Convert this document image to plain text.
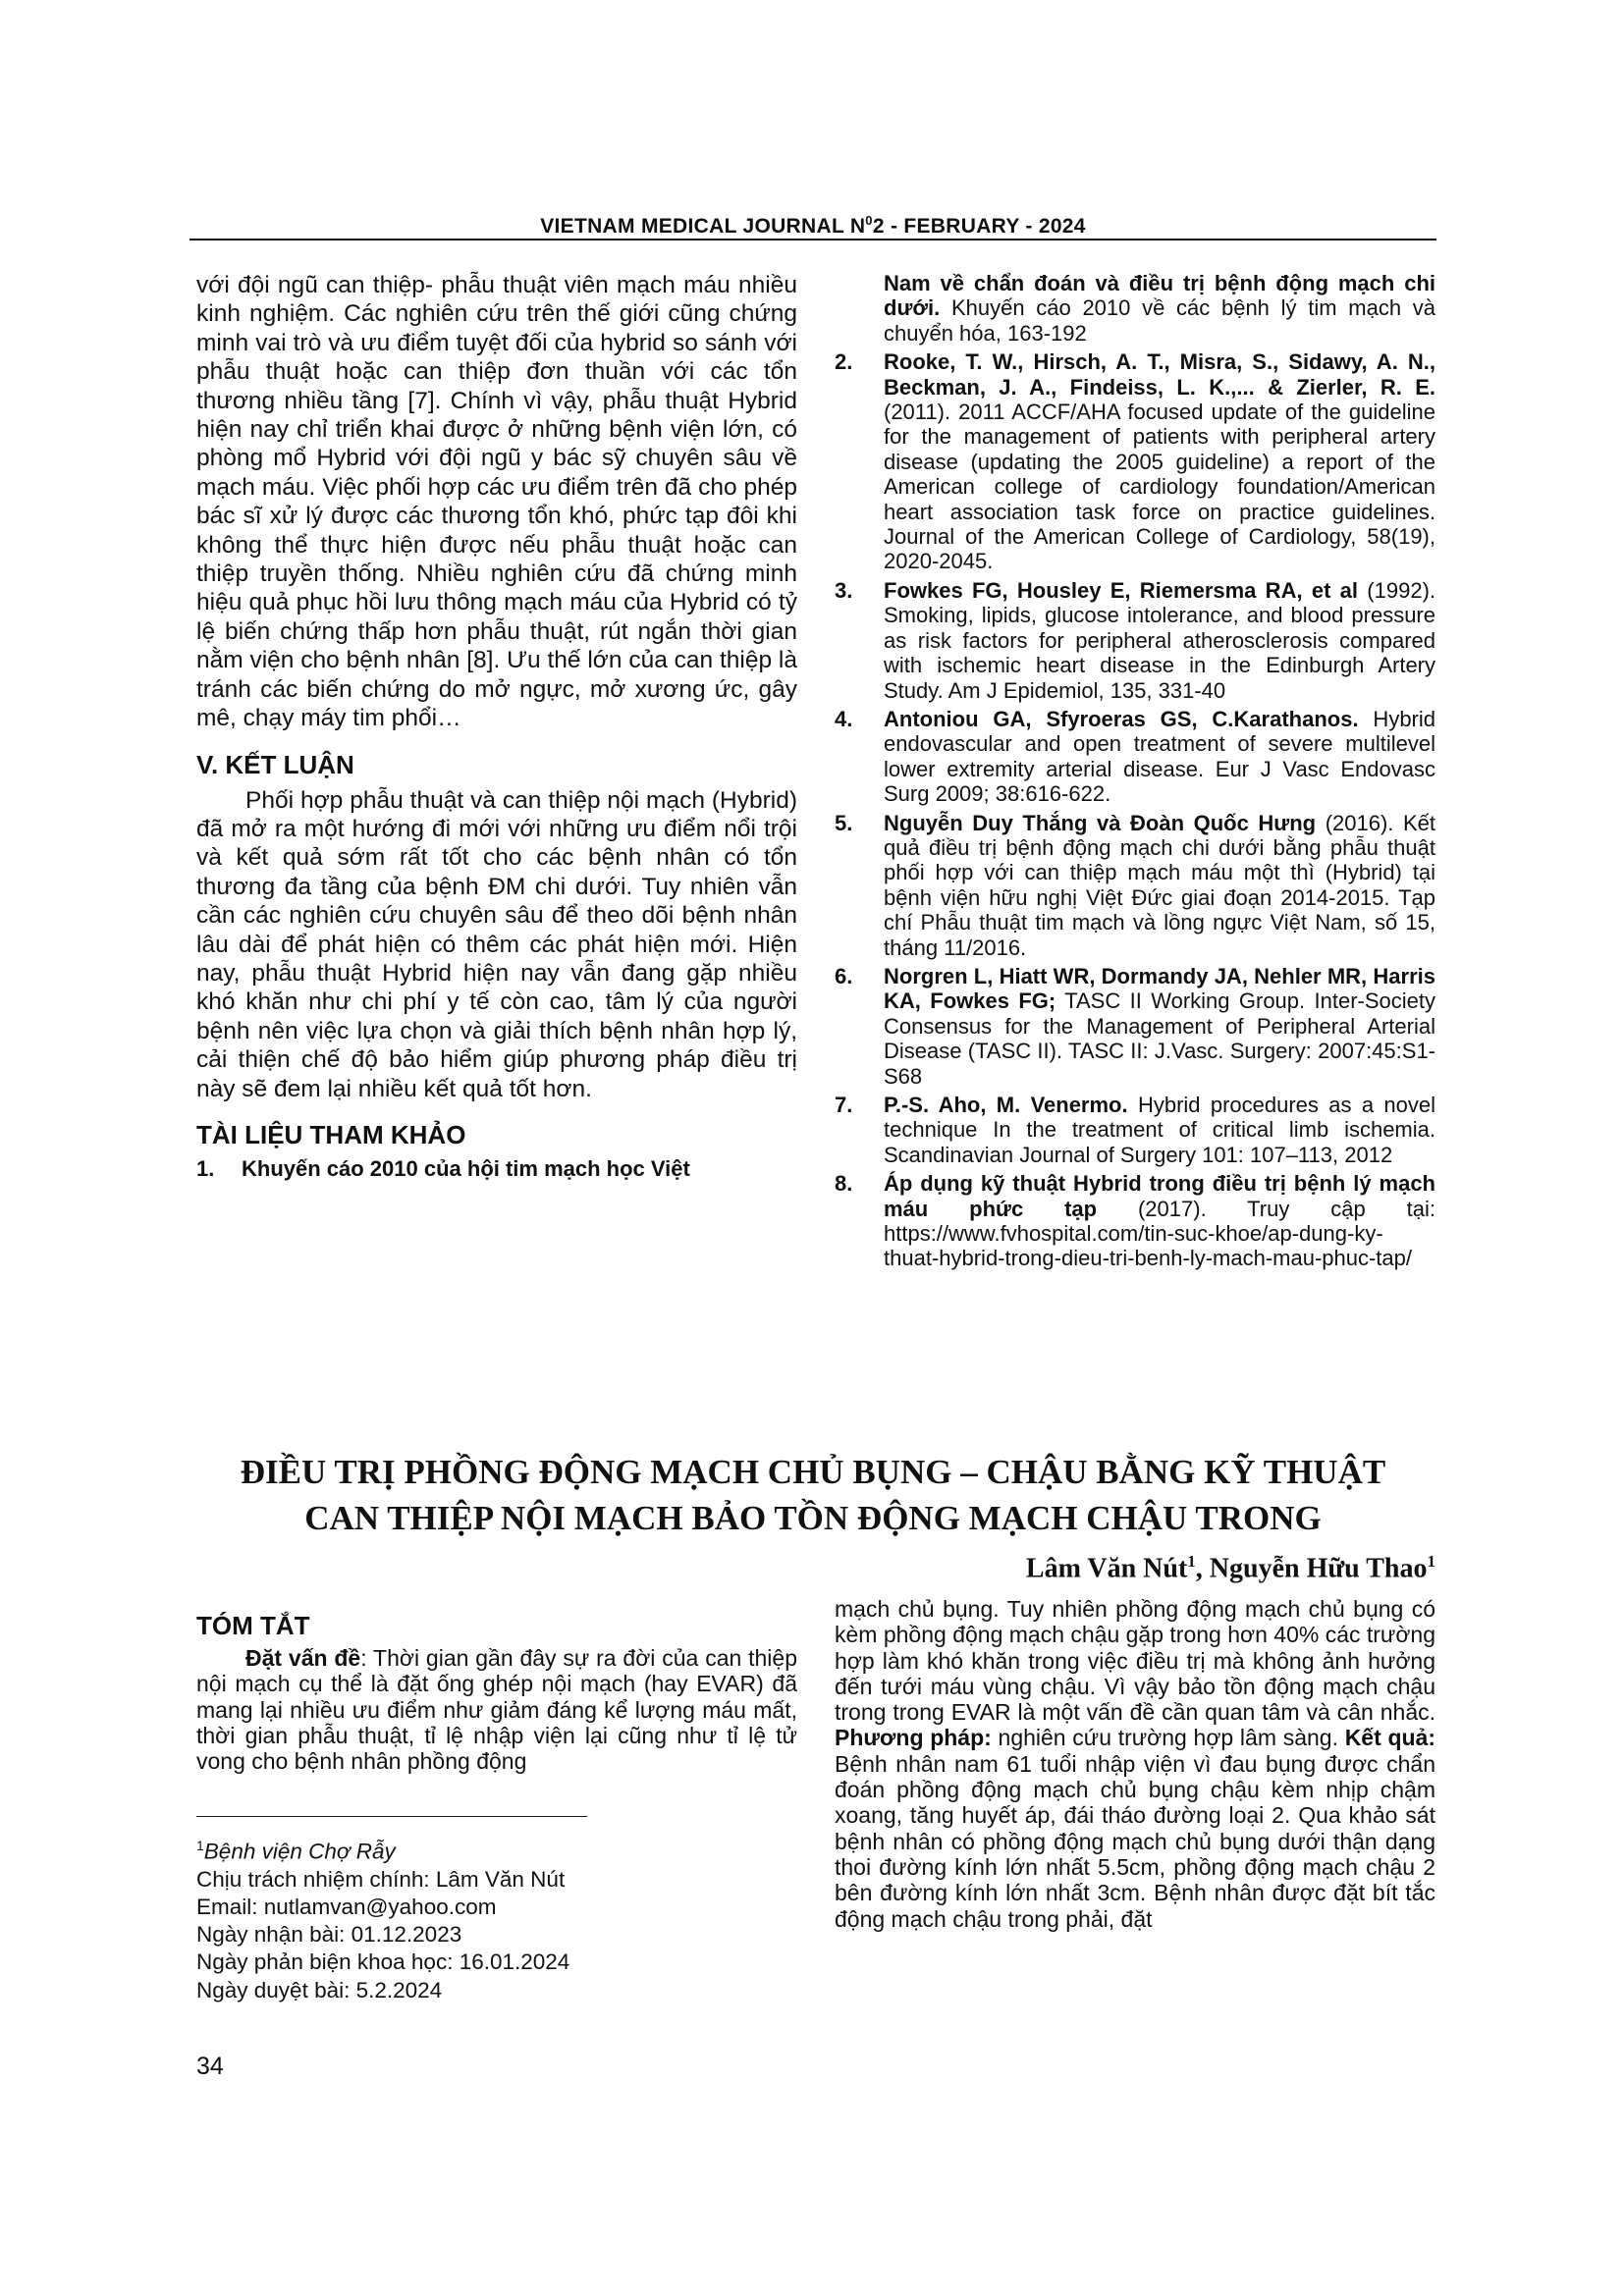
VIETNAM MEDICAL JOURNAL $N^02$ - FEBRUARY - 2024

với đội ngũ can thiệp- phẫu thuật viên mạch máu nhiều kinh nghiệm. Các nghiên cứu trên thế giới cũng chứng minh vai trò và ưu điểm tuyệt đối của hybrid so sánh với phẫu thuật hoặc can thiệp đơn thuần với các tổn thương nhiều tầng [7]. Chính vì vậy, phẫu thuật Hybrid hiện nay chỉ triển khai được ở những bệnh viện lớn, có phòng mổ Hybrid với đội ngũ y bác sỹ chuyên sâu về mạch máu. Việc phối hợp các ưu điểm trên đã cho phép bác sĩ xử lý được các thương tổn khó, phức tạp đôi khi không thể thực hiện được nếu phẫu thuật hoặc can thiệp truyền thống. Nhiều nghiên cứu đã chứng minh hiệu quả phục hồi lưu thông mạch máu của Hybrid có tỷ lệ biến chứng thấp hơn phẫu thuật, rút ngắn thời gian nằm viện cho bệnh nhân [8]. Ưu thế lớn của can thiệp là tránh các biến chứng do mở ngực, mở xương ức, gây mê, chạy máy tim phổi…

V. KẾT LUẬN

Phối hợp phẫu thuật và can thiệp nội mạch (Hybrid) đã mở ra một hướng đi mới với những ưu điểm nổi trội và kết quả sớm rất tốt cho các bệnh nhân có tổn thương đa tầng của bệnh ĐM chi dưới. Tuy nhiên vẫn cần các nghiên cứu chuyên sâu để theo dõi bệnh nhân lâu dài để phát hiện có thêm các phát hiện mới. Hiện nay, phẫu thuật Hybrid hiện nay vẫn đang gặp nhiều khó khăn như chi phí y tế còn cao, tâm lý của người bệnh nên việc lựa chọn và giải thích bệnh nhân hợp lý, cải thiện chế độ bảo hiểm giúp phương pháp điều trị này sẽ đem lại nhiều kết quả tốt hơn.

TÀI LIỆU THAM KHẢO

1. Khuyến cáo 2010 của hội tim mạch học Việt

Nam về chẩn đoán và điều trị bệnh động mạch chi dưới. Khuyến cáo 2010 về các bệnh lý tim mạch và chuyển hóa, 163-192

2. Rooke, T. W., Hirsch, A. T., Misra, S., Sidawy, A. N., Beckman, J. A., Findeiss, L. K.,... & Zierler, R. E. (2011). 2011 ACCF/AHA focused update of the guideline for the management of patients with peripheral artery disease (updating the 2005 guideline) a report of the American college of cardiology foundation/American heart association task force on practice guidelines. Journal of the American College of Cardiology, 58(19), 2020-2045.
3. Fowkes FG, Housley E, Riemersma RA, et al (1992). Smoking, lipids, glucose intolerance, and blood pressure as risk factors for peripheral atherosclerosis compared with ischemic heart disease in the Edinburgh Artery Study. Am J Epidemiol, 135, 331-40
4. Antoniou GA, Sfyroeras GS, C.Karathanos. Hybrid endovascular and open treatment of severe multilevel lower extremity arterial disease. Eur J Vasc Endovasc Surg 2009; 38:616-622.
5. Nguyễn Duy Thắng và Đoàn Quốc Hưng (2016). Kết quả điều trị bệnh động mạch chi dưới bằng phẫu thuật phối hợp với can thiệp mạch máu một thì (Hybrid) tại bệnh viện hữu nghị Việt Đức giai đoạn 2014-2015. Tạp chí Phẫu thuật tim mạch và lồng ngực Việt Nam, số 15, tháng 11/2016.
6. Norgren L, Hiatt WR, Dormandy JA, Nehler MR, Harris KA, Fowkes FG; TASC II Working Group. Inter-Society Consensus for the Management of Peripheral Arterial Disease (TASC II). TASC II: J.Vasc. Surgery: 2007:45:S1-S68
7. P.-S. Aho, M. Venermo. Hybrid procedures as a novel technique In the treatment of critical limb ischemia. Scandinavian Journal of Surgery 101: 107–113, 2012
8. Áp dụng kỹ thuật Hybrid trong điều trị bệnh lý mạch máu phức tạp (2017). Truy cập tại: https://www.fvhospital.com/tin-suc-khoe/ap-dung-ky-thuat-hybrid-trong-dieu-tri-benh-ly-mach-mau-phuc-tap/
ĐIỀU TRỊ PHỒNG ĐỘNG MẠCH CHỦ BỤNG – CHẬU BẰNG KỸ THUẬT
CAN THIỆP NỘI MẠCH BẢO TỒN ĐỘNG MẠCH CHẬU TRONG
Lâm Văn Nút$^1$, Nguyễn Hữu Thao$^1$
TÓM TẮT

Đặt vấn đề: Thời gian gần đây sự ra đời của can thiệp nội mạch cụ thể là đặt ống ghép nội mạch (hay EVAR) đã mang lại nhiều ưu điểm như giảm đáng kể lượng máu mất, thời gian phẫu thuật, tỉ lệ nhập viện lại cũng như tỉ lệ tử vong cho bệnh nhân phồng động

mạch chủ bụng. Tuy nhiên phồng động mạch chủ bụng có kèm phồng động mạch chậu gặp trong hơn 40% các trường hợp làm khó khăn trong việc điều trị mà không ảnh hưởng đến tưới máu vùng chậu. Vì vậy bảo tồn động mạch chậu trong trong EVAR là một vấn đề cần quan tâm và cân nhắc. Phương pháp: nghiên cứu trường hợp lâm sàng. Kết quả: Bệnh nhân nam 61 tuổi nhập viện vì đau bụng được chẩn đoán phồng động mạch chủ bụng chậu kèm nhịp chậm xoang, tăng huyết áp, đái tháo đường loại 2. Qua khảo sát bệnh nhân có phồng động mạch chủ bụng dưới thận dạng thoi đường kính lớn nhất 5.5cm, phồng động mạch chậu 2 bên đường kính lớn nhất 3cm. Bệnh nhân được đặt bít tắc động mạch chậu trong phải, đặt

$^1$Bệnh viện Chợ Rẫy

Chịu trách nhiệm chính: Lâm Văn Nút

Email: nutlamvan@yahoo.com

Ngày nhận bài: 01.12.2023

Ngày phản biện khoa học: 16.01.2024

Ngày duyệt bài: 5.2.2024

34
